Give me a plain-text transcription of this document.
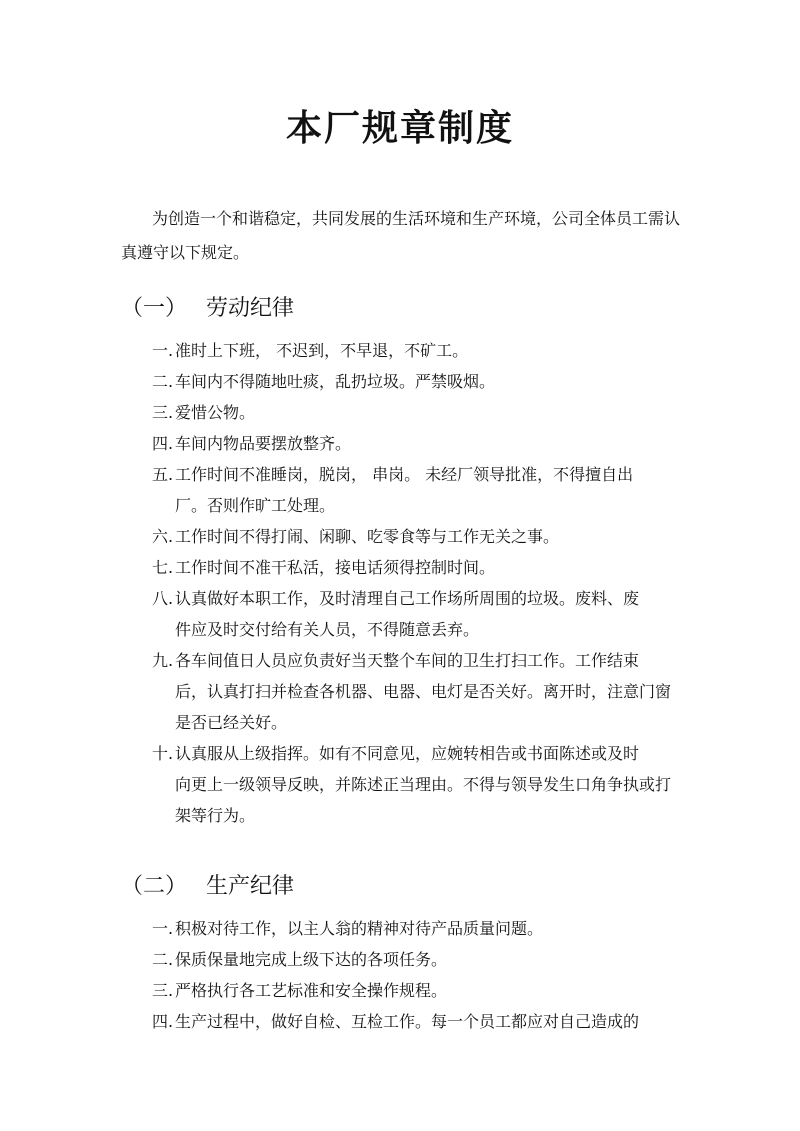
本厂规章制度

为创造一个和谐稳定，共同发展的生活环境和生产环境，公司全体员工需认真遵守以下规定。

（一） 劳动纪律
一. 准时上下班， 不迟到，不早退，不矿工。
二. 车间内不得随地吐痰，乱扔垃圾。严禁吸烟。
三. 爱惜公物。
四. 车间内物品要摆放整齐。
五. 工作时间不准睡岗，脱岗， 串岗。 未经厂领导批准，不得擅自出
厂。否则作旷工处理。
六. 工作时间不得打闹、闲聊、吃零食等与工作无关之事。
七. 工作时间不准干私活，接电话须得控制时间。
八. 认真做好本职工作，及时清理自己工作场所周围的垃圾。废料、废
件应及时交付给有关人员，不得随意丢弃。
九. 各车间值日人员应负责好当天整个车间的卫生打扫工作。工作结束
后，认真打扫并检查各机器、电器、电灯是否关好。离开时，注意门窗
是否已经关好。
十. 认真服从上级指挥。如有不同意见，应婉转相告或书面陈述或及时
向更上一级领导反映，并陈述正当理由。不得与领导发生口角争执或打
架等行为。
（二） 生产纪律
一. 积极对待工作，以主人翁的精神对待产品质量问题。
二. 保质保量地完成上级下达的各项任务。
三. 严格执行各工艺标准和安全操作规程。
四. 生产过程中，做好自检、互检工作。每一个员工都应对自己造成的
